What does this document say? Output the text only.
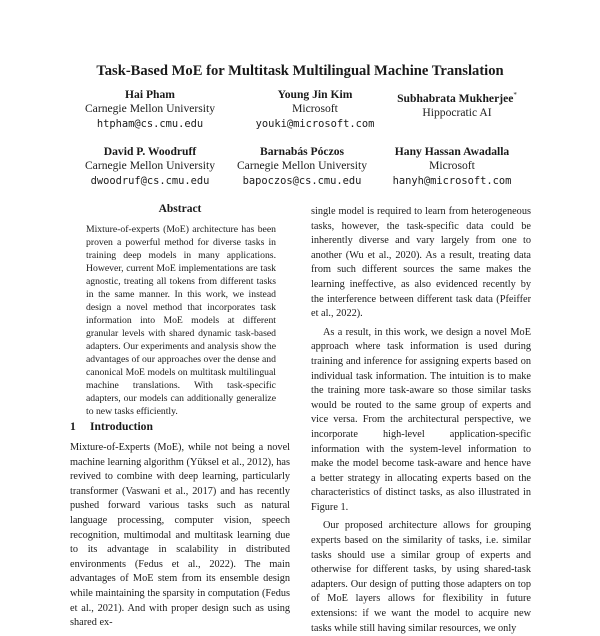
Task-Based MoE for Multitask Multilingual Machine Translation
Hai Pham
Carnegie Mellon University
htpham@cs.cmu.edu
Young Jin Kim
Microsoft
youki@microsoft.com
Subhabrata Mukherjee*
Hippocratic AI
David P. Woodruff
Carnegie Mellon University
dwoodruf@cs.cmu.edu
Barnabás Póczos
Carnegie Mellon University
bapoczos@cs.cmu.edu
Hany Hassan Awadalla
Microsoft
hanyh@microsoft.com
Abstract

Mixture-of-experts (MoE) architecture has been proven a powerful method for diverse tasks in training deep models in many applications. However, current MoE implementations are task agnostic, treating all tokens from different tasks in the same manner. In this work, we instead design a novel method that incorporates task information into MoE models at different granular levels with shared dynamic task-based adapters. Our experiments and analysis show the advantages of our approaches over the dense and canonical MoE models on multitask multilingual machine translations. With task-specific adapters, our models can additionally generalize to new tasks efficiently.

1 Introduction

Mixture-of-Experts (MoE), while not being a novel machine learning algorithm (Yüksel et al., 2012), has revived to combine with deep learning, particularly transformer (Vaswani et al., 2017) and has recently pushed forward various tasks such as natural language processing, computer vision, speech recognition, multimodal and multitask learning due to its advantage in scalability in distributed environments (Fedus et al., 2022). The main advantages of MoE stem from its ensemble design while maintaining the sparsity in computation (Fedus et al., 2021). And with proper design such as using shared ex-

single model is required to learn from heterogeneous tasks, however, the task-specific data could be inherently diverse and vary largely from one to another (Wu et al., 2020). As a result, treating data from such different sources the same makes the learning ineffective, as also evidenced recently by the interference between different task data (Pfeiffer et al., 2022).

As a result, in this work, we design a novel MoE approach where task information is used during training and inference for assigning experts based on individual task information. The intuition is to make the training more task-aware so those similar tasks would be routed to the same group of experts and vice versa. From the architectural perspective, we incorporate high-level application-specific information with the system-level information to make the model become task-aware and hence have a better strategy in allocating experts based on the characteristics of distinct tasks, as also illustrated in Figure 1.

Our proposed architecture allows for grouping experts based on the similarity of tasks, i.e. similar tasks should use a similar group of experts and otherwise for different tasks, by using shared-task adapters. Our design of putting those adapters on top of MoE layers allows for flexibility in future extensions: if we want the model to acquire new tasks while still having similar resources, we only
